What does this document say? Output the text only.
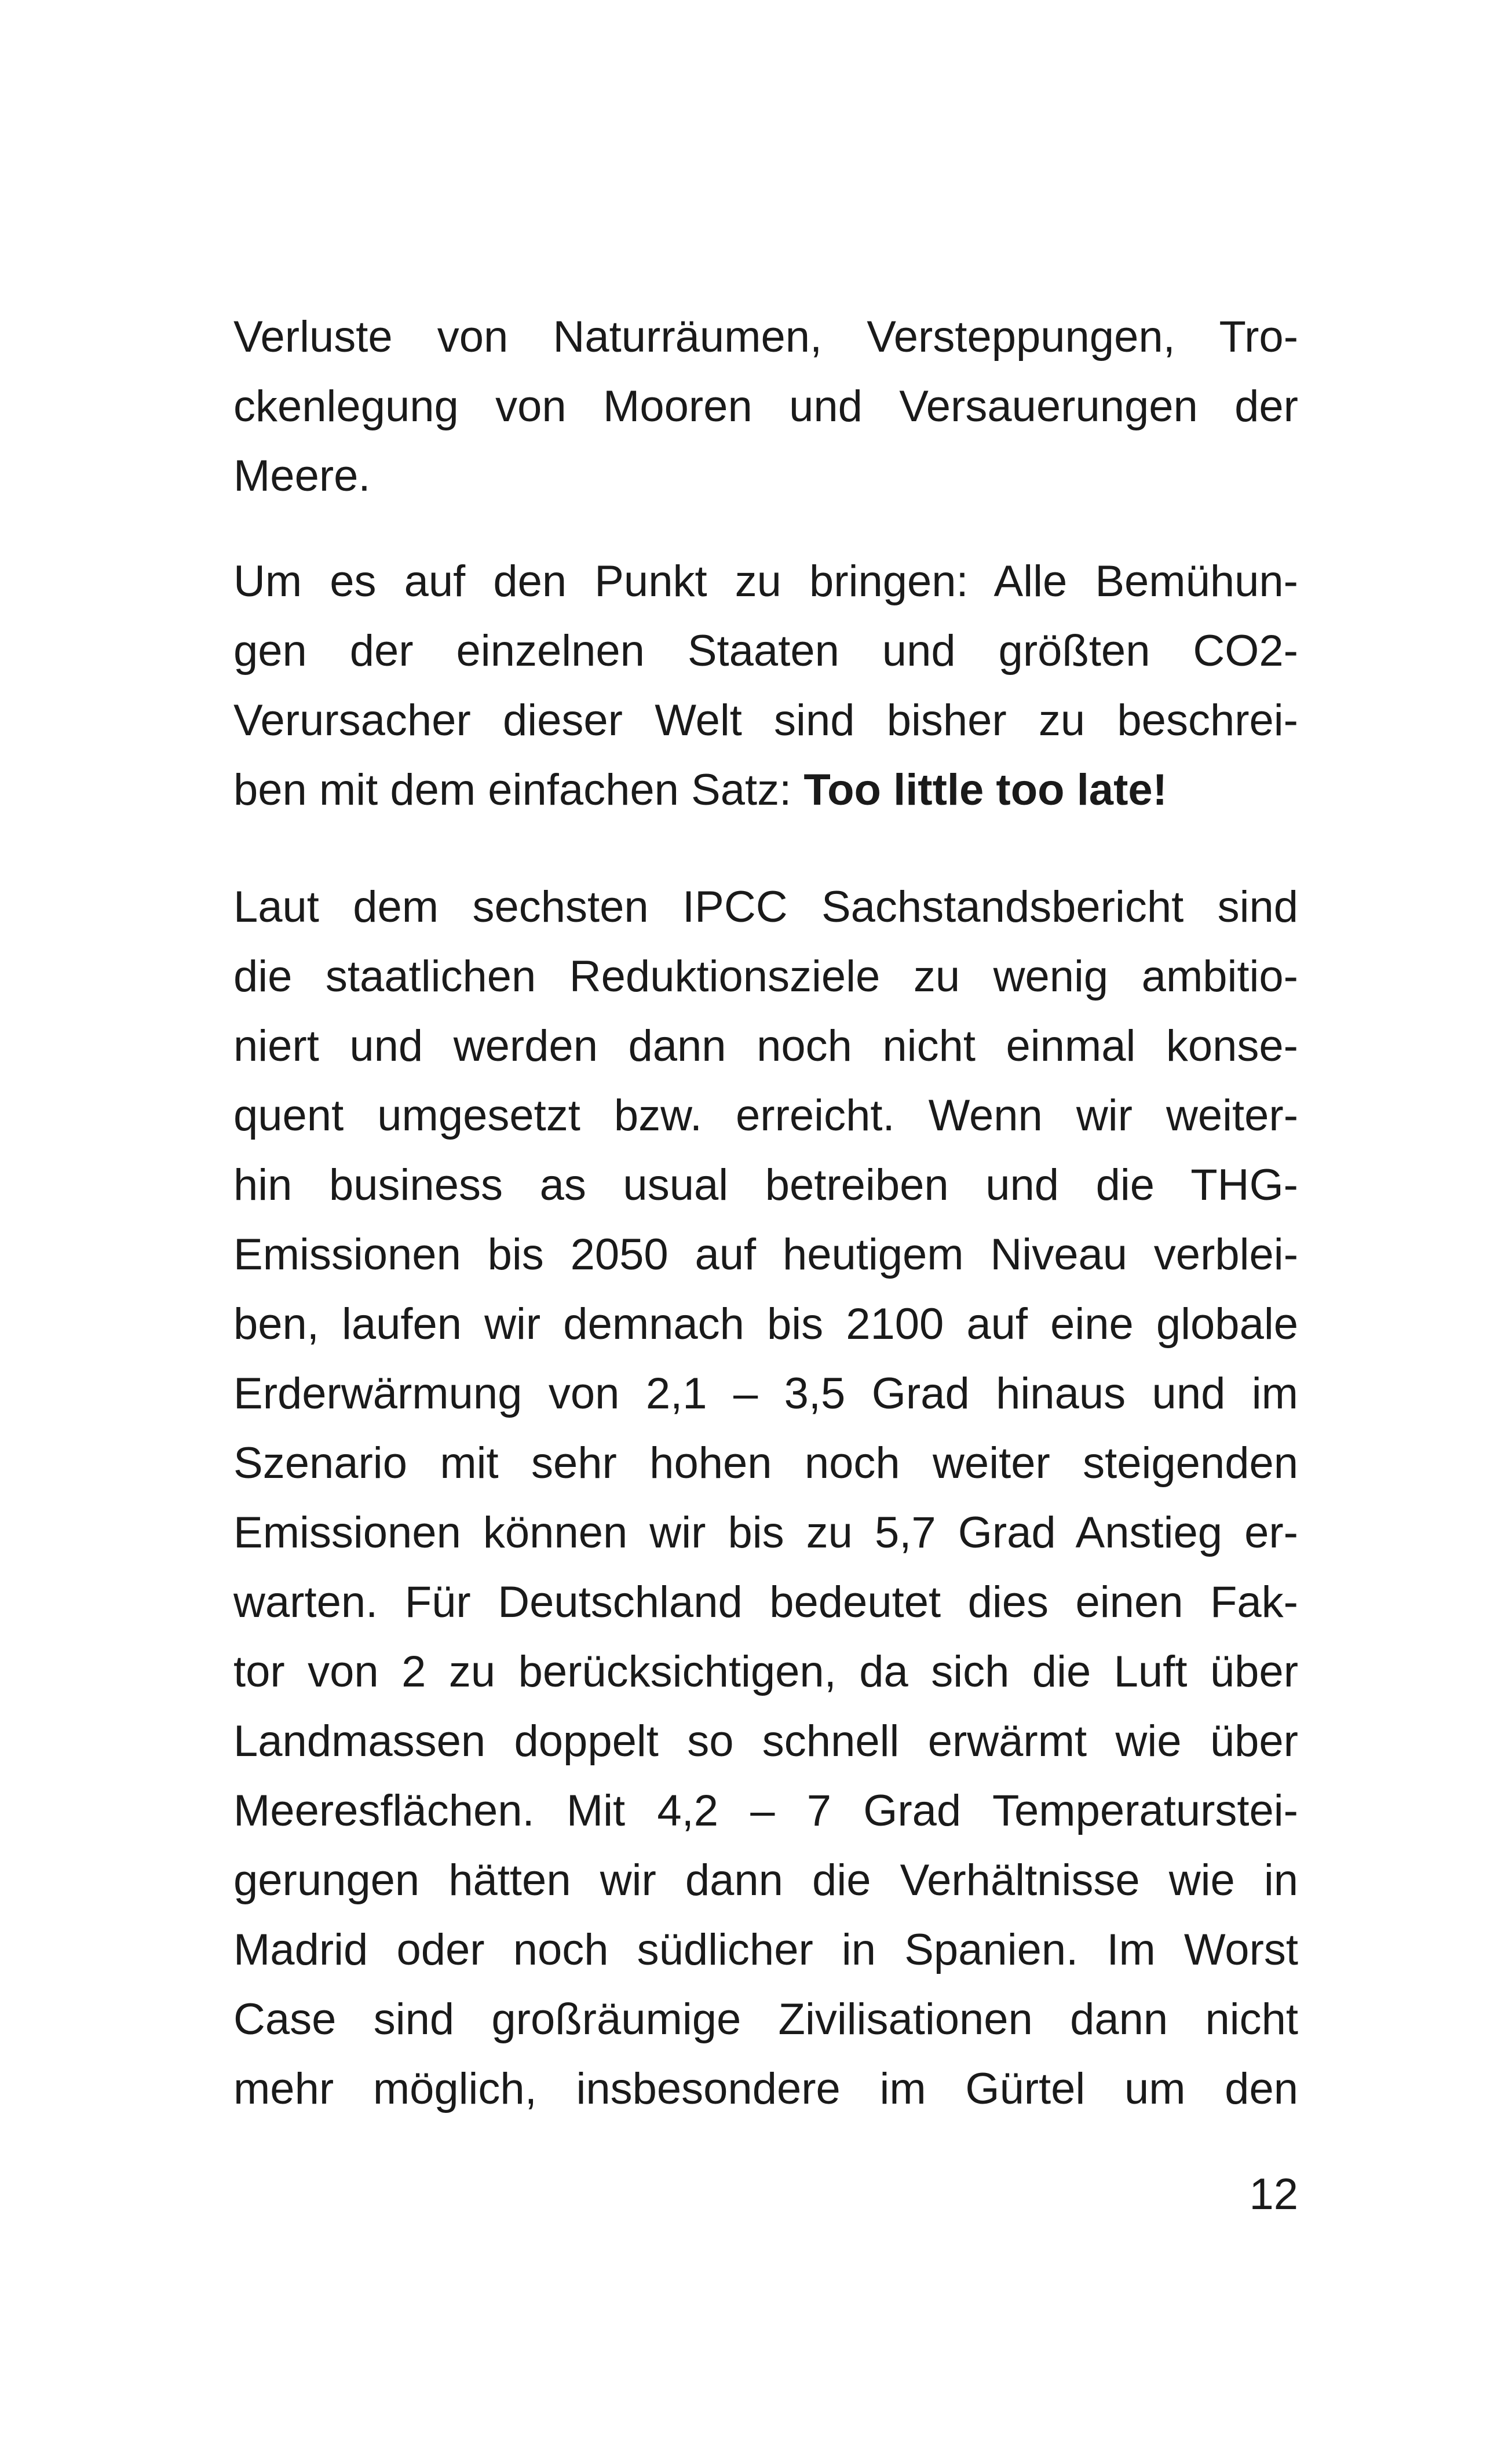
Verluste von Naturräumen, Versteppungen, Tro-
ckenlegung von Mooren und Versauerungen der
Meere.
Um es auf den Punkt zu bringen: Alle Bemühun-
gen der einzelnen Staaten und größten CO2-
Verursacher dieser Welt sind bisher zu beschrei-
ben mit dem einfachen Satz: Too little too late!
Laut dem sechsten IPCC Sachstandsbericht sind
die staatlichen Reduktionsziele zu wenig ambitio-
niert und werden dann noch nicht einmal konse-
quent umgesetzt bzw. erreicht. Wenn wir weiter-
hin business as usual betreiben und die THG-
Emissionen bis 2050 auf heutigem Niveau verblei-
ben, laufen wir demnach bis 2100 auf eine globale
Erderwärmung von 2,1 – 3,5 Grad hinaus und im
Szenario mit sehr hohen noch weiter steigenden
Emissionen können wir bis zu 5,7 Grad Anstieg er-
warten. Für Deutschland bedeutet dies einen Fak-
tor von 2 zu berücksichtigen, da sich die Luft über
Landmassen doppelt so schnell erwärmt wie über
Meeresflächen. Mit 4,2 – 7 Grad Temperaturstei-
gerungen hätten wir dann die Verhältnisse wie in
Madrid oder noch südlicher in Spanien. Im Worst
Case sind großräumige Zivilisationen dann nicht
mehr möglich, insbesondere im Gürtel um den
12
